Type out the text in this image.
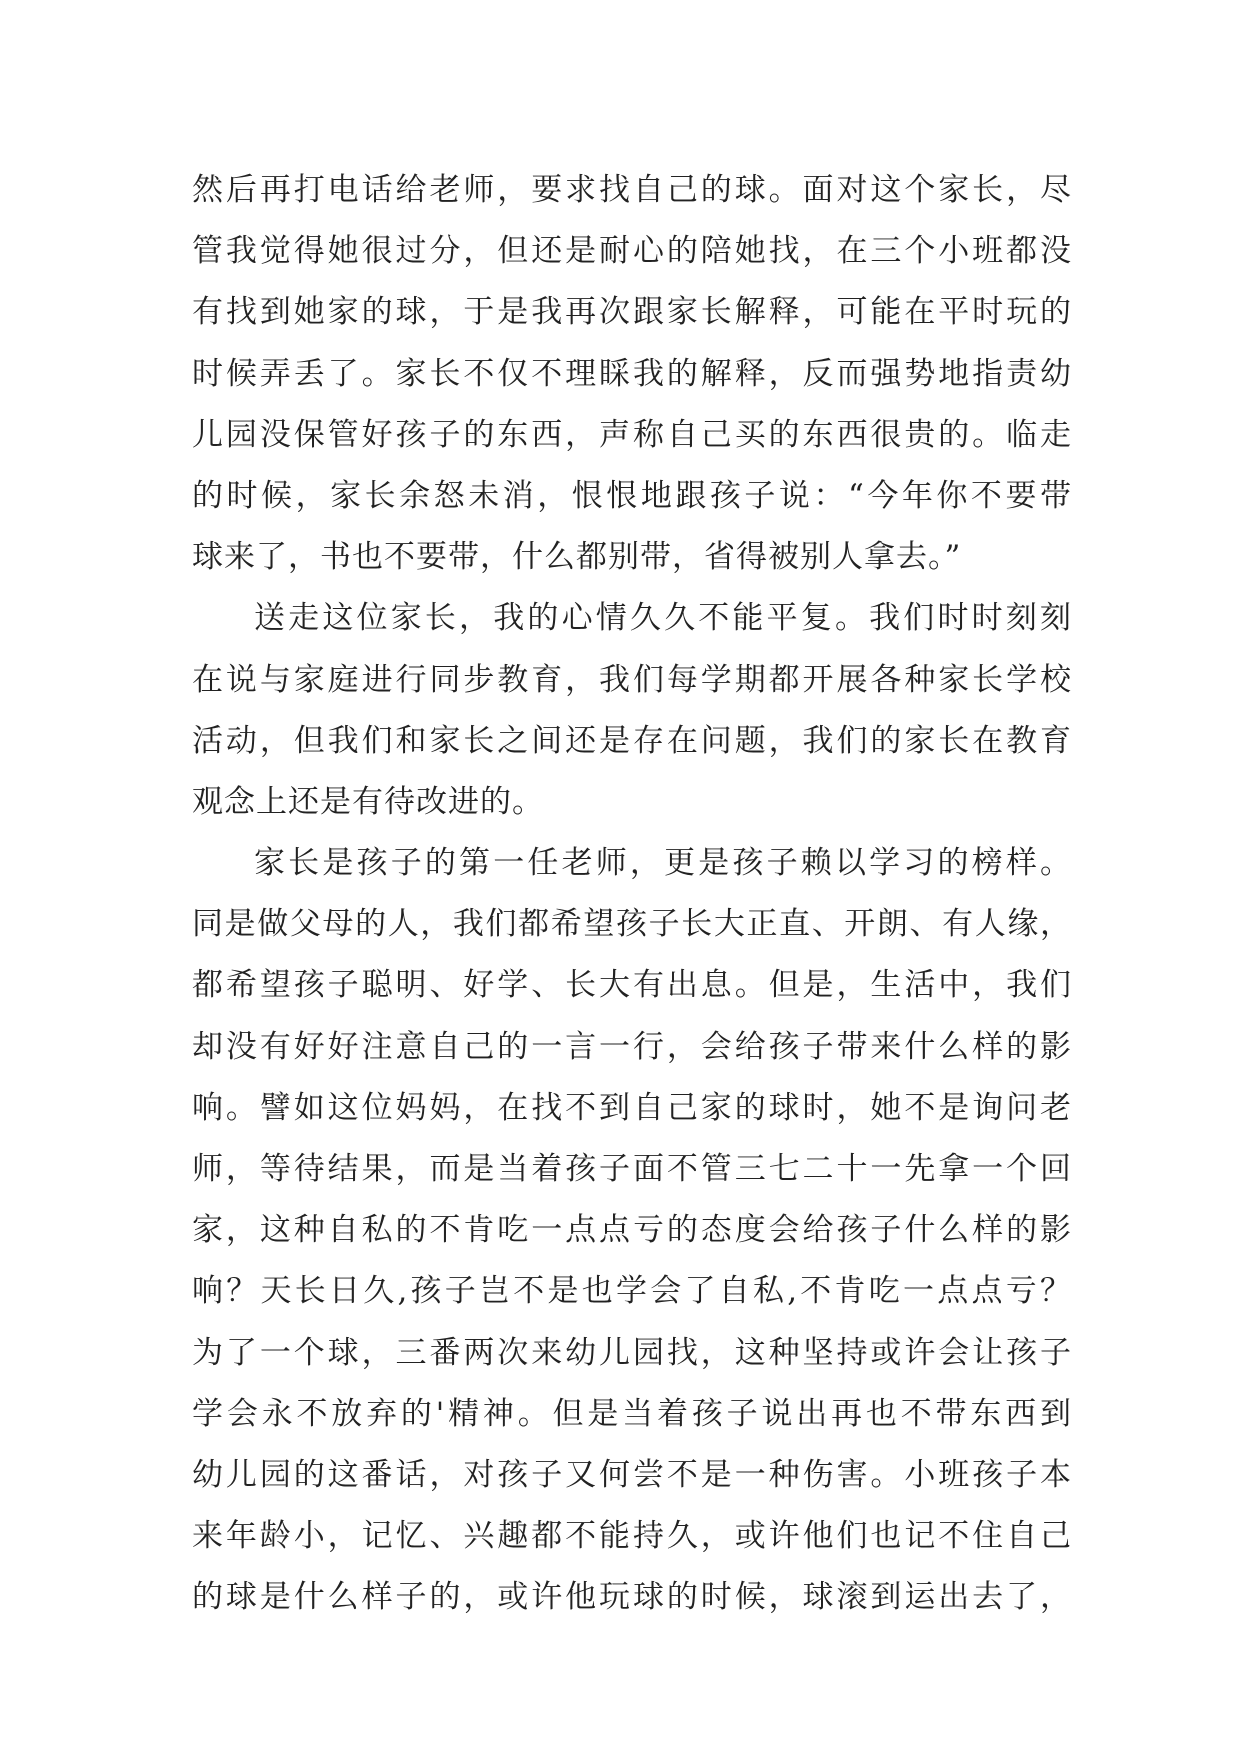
然后再打电话给老师，要求找自己的球。面对这个家长，尽
管我觉得她很过分，但还是耐心的陪她找，在三个小班都没
有找到她家的球，于是我再次跟家长解释，可能在平时玩的
时候弄丢了。家长不仅不理睬我的解释，反而强势地指责幼
儿园没保管好孩子的东西，声称自己买的东西很贵的。临走
的时候，家长余怒未消，恨恨地跟孩子说：“今年你不要带
球来了，书也不要带，什么都别带，省得被别人拿去。”
送走这位家长，我的心情久久不能平复。我们时时刻刻
在说与家庭进行同步教育，我们每学期都开展各种家长学校
活动，但我们和家长之间还是存在问题，我们的家长在教育
观念上还是有待改进的。
家长是孩子的第一任老师，更是孩子赖以学习的榜样。
同是做父母的人，我们都希望孩子长大正直、开朗、有人缘，
都希望孩子聪明、好学、长大有出息。但是，生活中，我们
却没有好好注意自己的一言一行，会给孩子带来什么样的影
响。譬如这位妈妈，在找不到自己家的球时，她不是询问老
师，等待结果，而是当着孩子面不管三七二十一先拿一个回
家，这种自私的不肯吃一点点亏的态度会给孩子什么样的影
响？天长日久,孩子岂不是也学会了自私,不肯吃一点点亏？
为了一个球，三番两次来幼儿园找，这种坚持或许会让孩子
学会永不放弃的'精神。但是当着孩子说出再也不带东西到
幼儿园的这番话，对孩子又何尝不是一种伤害。小班孩子本
来年龄小，记忆、兴趣都不能持久，或许他们也记不住自己
的球是什么样子的，或许他玩球的时候，球滚到运出去了，
